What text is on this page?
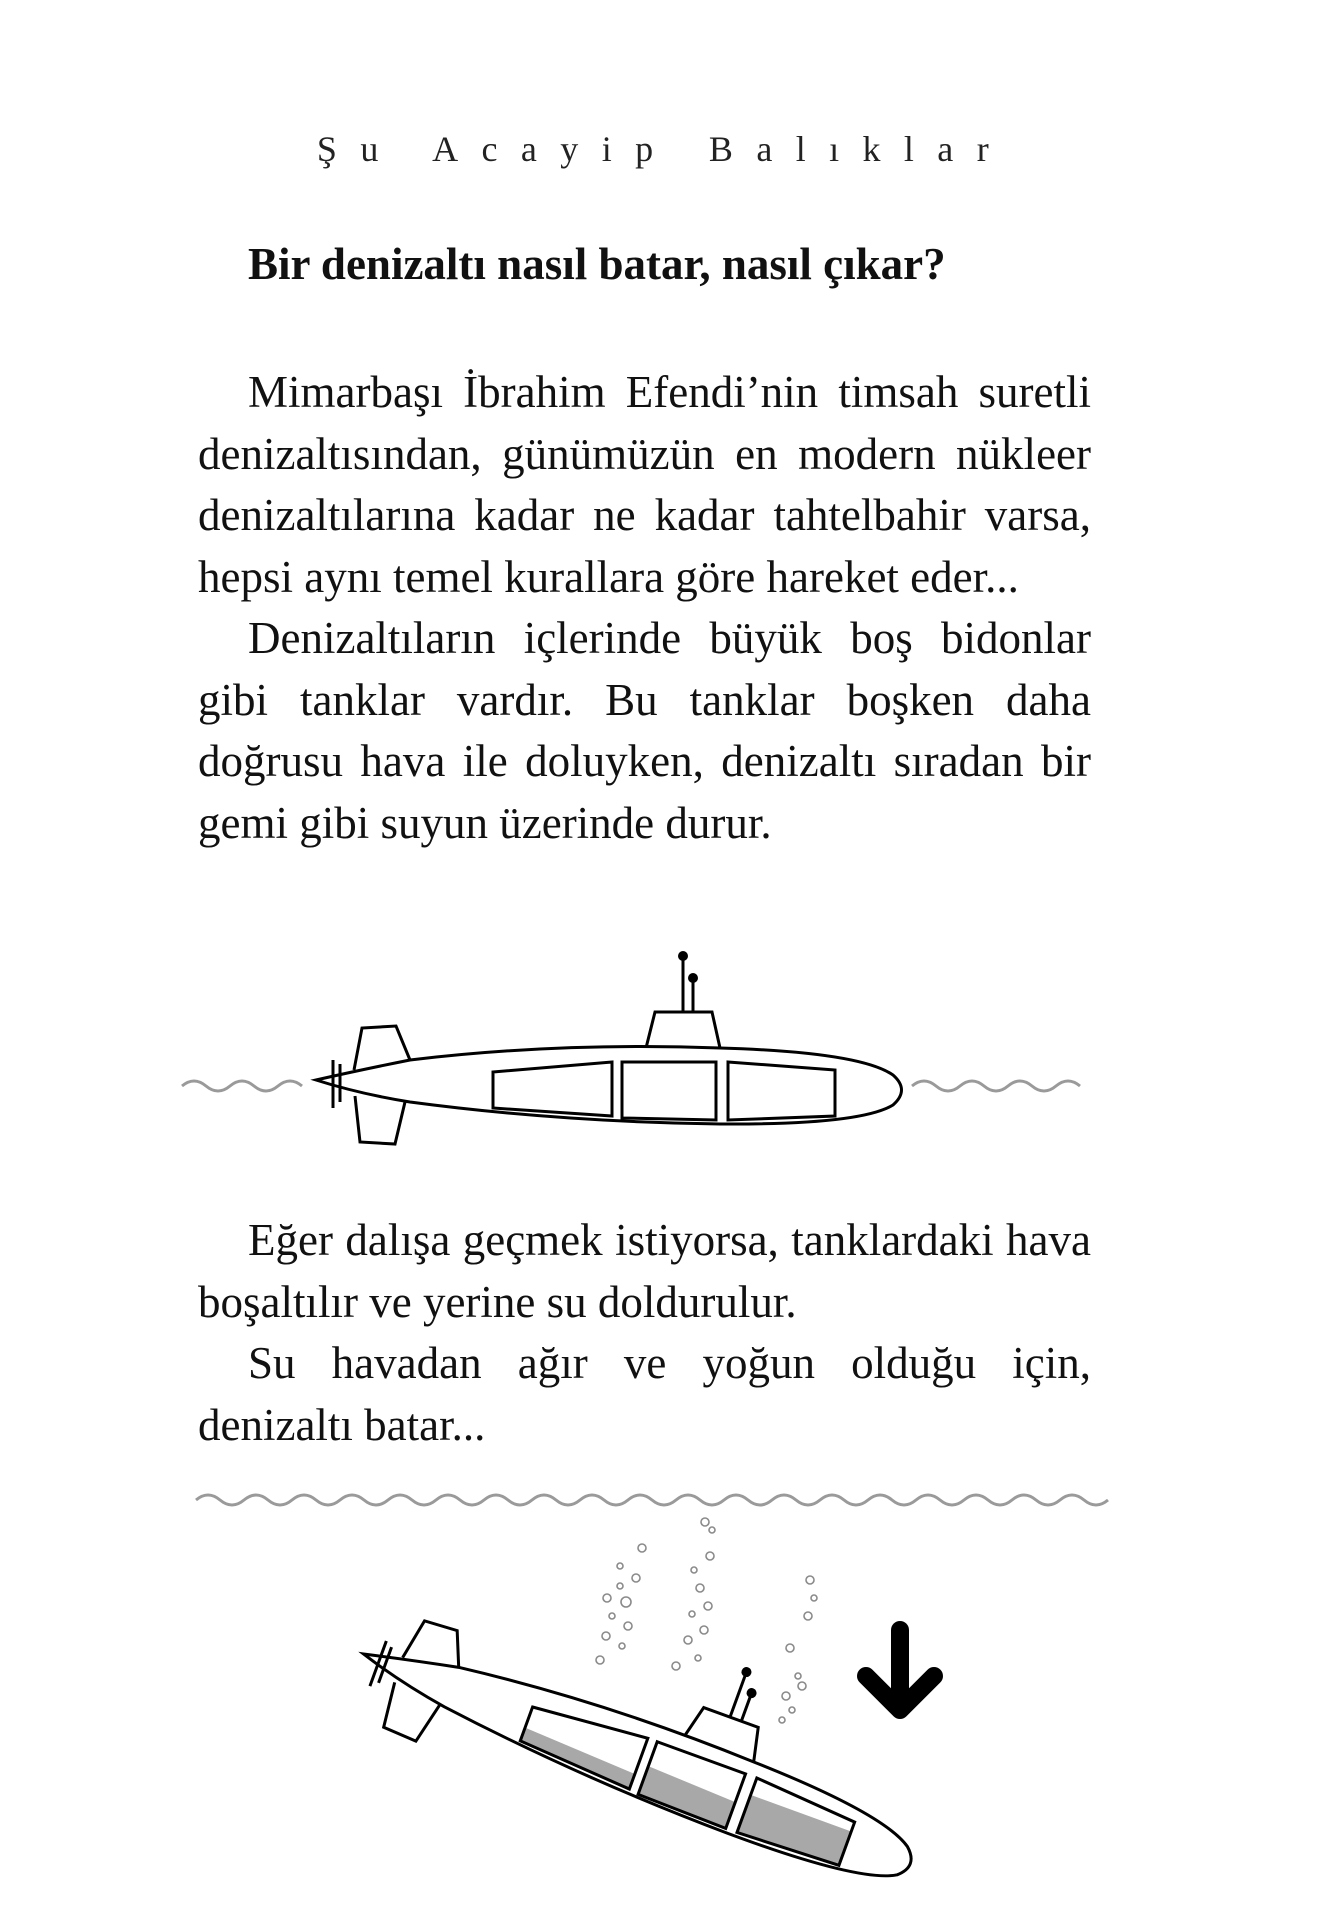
Şu Acayip Balıklar
Bir denizaltı nasıl batar, nasıl çıkar?

Mimarbaşı İbrahim Efendi’nin timsah suretli denizaltısından, günümüzün en modern nükleer denizaltılarına kadar ne kadar tahtelbahir varsa, hepsi aynı temel kurallara göre hareket eder...

Denizaltıların içlerinde büyük boş bidonlar gibi tanklar vardır. Bu tanklar boşken daha doğrusu hava ile doluyken, denizaltı sıradan bir gemi gibi suyun üzerinde durur.

Eğer dalışa geçmek istiyorsa, tanklardaki hava boşaltılır ve yerine su doldurulur.

Su havadan ağır ve yoğun olduğu için, denizaltı batar...
